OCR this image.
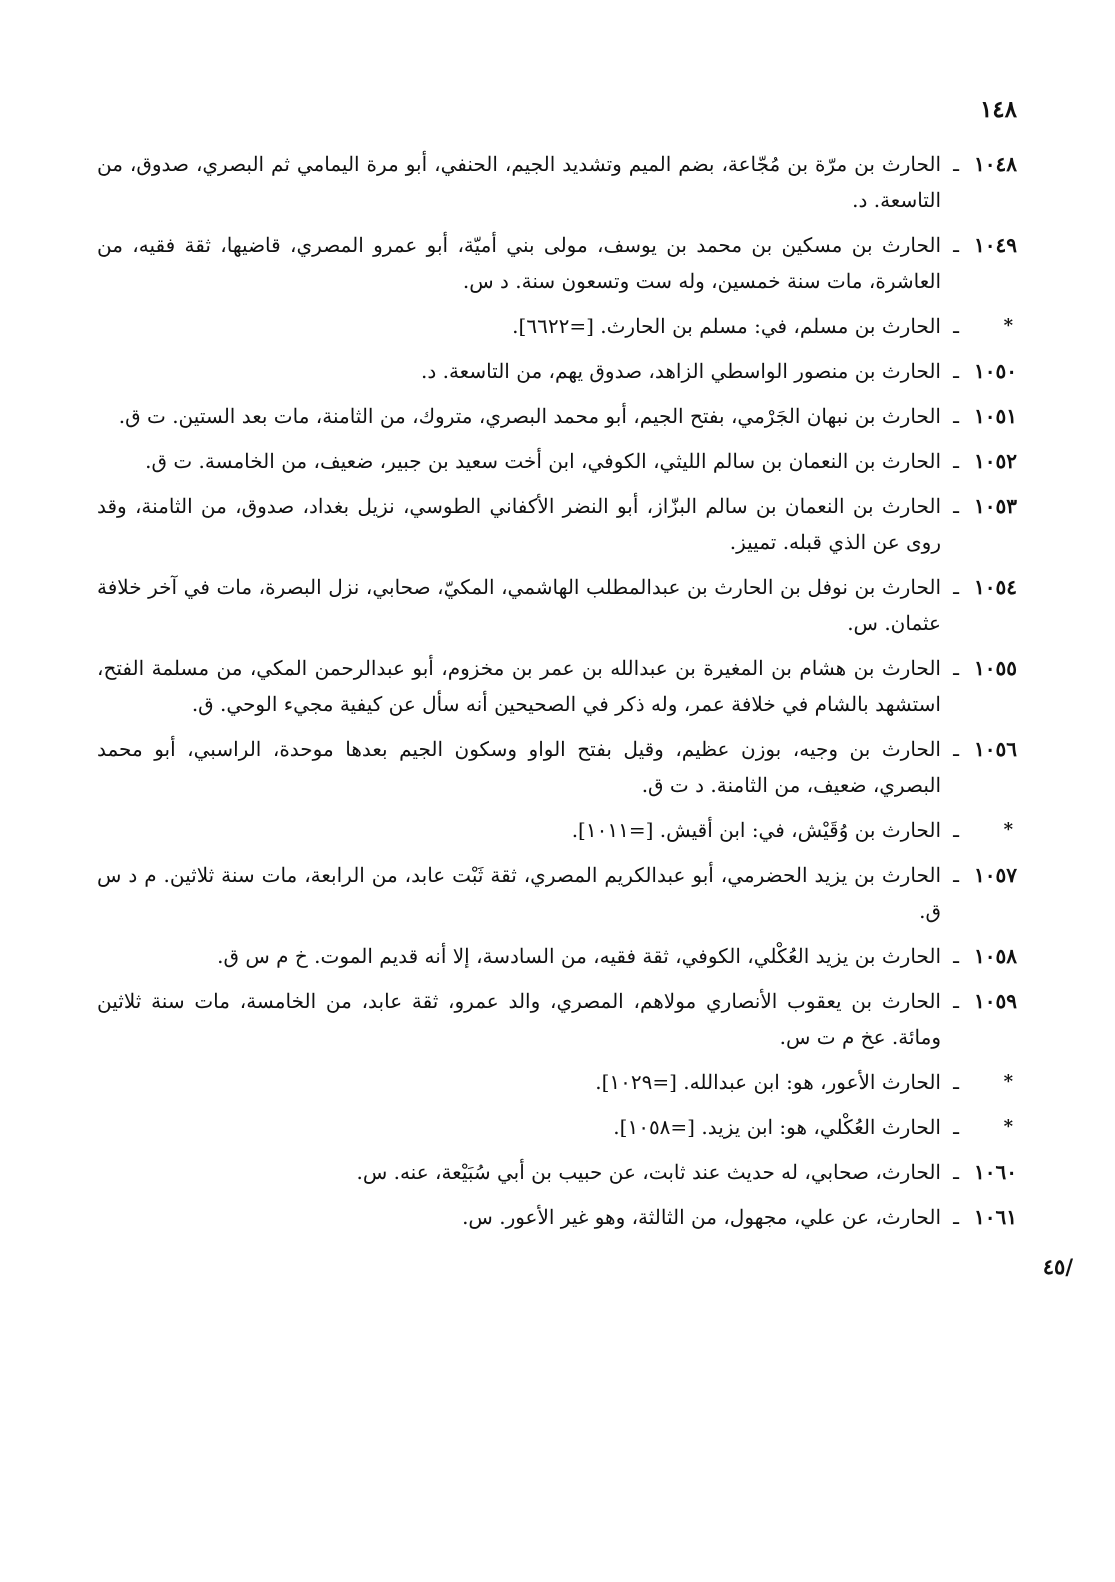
١٤٨
/٤٥
١٠٤٨
ـ
الحارث بن مرّة بن مُجّاعة، بضم الميم وتشديد الجيم، الحنفي، أبو مرة اليمامي ثم البصري، صدوق، من التاسعة. د.
١٠٤٩
ـ
الحارث بن مسكين بن محمد بن يوسف، مولى بني أميّة، أبو عمرو المصري، قاضيها، ثقة فقيه، من العاشرة، مات سنة خمسين، وله ست وتسعون سنة. د س.
*
ـ
الحارث بن مسلم، في: مسلم بن الحارث. [=٦٦٢٢].
١٠٥٠
ـ
الحارث بن منصور الواسطي الزاهد، صدوق يهم، من التاسعة. د.
١٠٥١
ـ
الحارث بن نبهان الجَرْمي، بفتح الجيم، أبو محمد البصري، متروك، من الثامنة، مات بعد الستين. ت ق.
١٠٥٢
ـ
الحارث بن النعمان بن سالم الليثي، الكوفي، ابن أخت سعيد بن جبير، ضعيف، من الخامسة. ت ق.
١٠٥٣
ـ
الحارث بن النعمان بن سالم البزّاز، أبو النضر الأكفاني الطوسي، نزيل بغداد، صدوق، من الثامنة، وقد روى عن الذي قبله. تمييز.
١٠٥٤
ـ
الحارث بن نوفل بن الحارث بن عبدالمطلب الهاشمي، المكيّ، صحابي، نزل البصرة، مات في آخر خلافة عثمان. س.
١٠٥٥
ـ
الحارث بن هشام بن المغيرة بن عبدالله بن عمر بن مخزوم، أبو عبدالرحمن المكي، من مسلمة الفتح، استشهد بالشام في خلافة عمر، وله ذكر في الصحيحين أنه سأل عن كيفية مجيء الوحي. ق.
١٠٥٦
ـ
الحارث بن وجيه، بوزن عظيم، وقيل بفتح الواو وسكون الجيم بعدها موحدة، الراسبي، أبو محمد البصري، ضعيف، من الثامنة. د ت ق.
*
ـ
الحارث بن وُقَيْش، في: ابن أقيش. [=١٠١١].
١٠٥٧
ـ
الحارث بن يزيد الحضرمي، أبو عبدالكريم المصري، ثقة ثَبْت عابد، من الرابعة، مات سنة ثلاثين. م د س ق.
١٠٥٨
ـ
الحارث بن يزيد العُكْلي، الكوفي، ثقة فقيه، من السادسة، إلا أنه قديم الموت. خ م س ق.
١٠٥٩
ـ
الحارث بن يعقوب الأنصاري مولاهم، المصري، والد عمرو، ثقة عابد، من الخامسة، مات سنة ثلاثين ومائة. عخ م ت س.
*
ـ
الحارث الأعور، هو: ابن عبدالله. [=١٠٢٩].
*
ـ
الحارث العُكْلي، هو: ابن يزيد. [=١٠٥٨].
١٠٦٠
ـ
الحارث، صحابي، له حديث عند ثابت، عن حبيب بن أبي سُبَيْعة، عنه. س.
١٠٦١
ـ
الحارث، عن علي، مجهول، من الثالثة، وهو غير الأعور. س.
